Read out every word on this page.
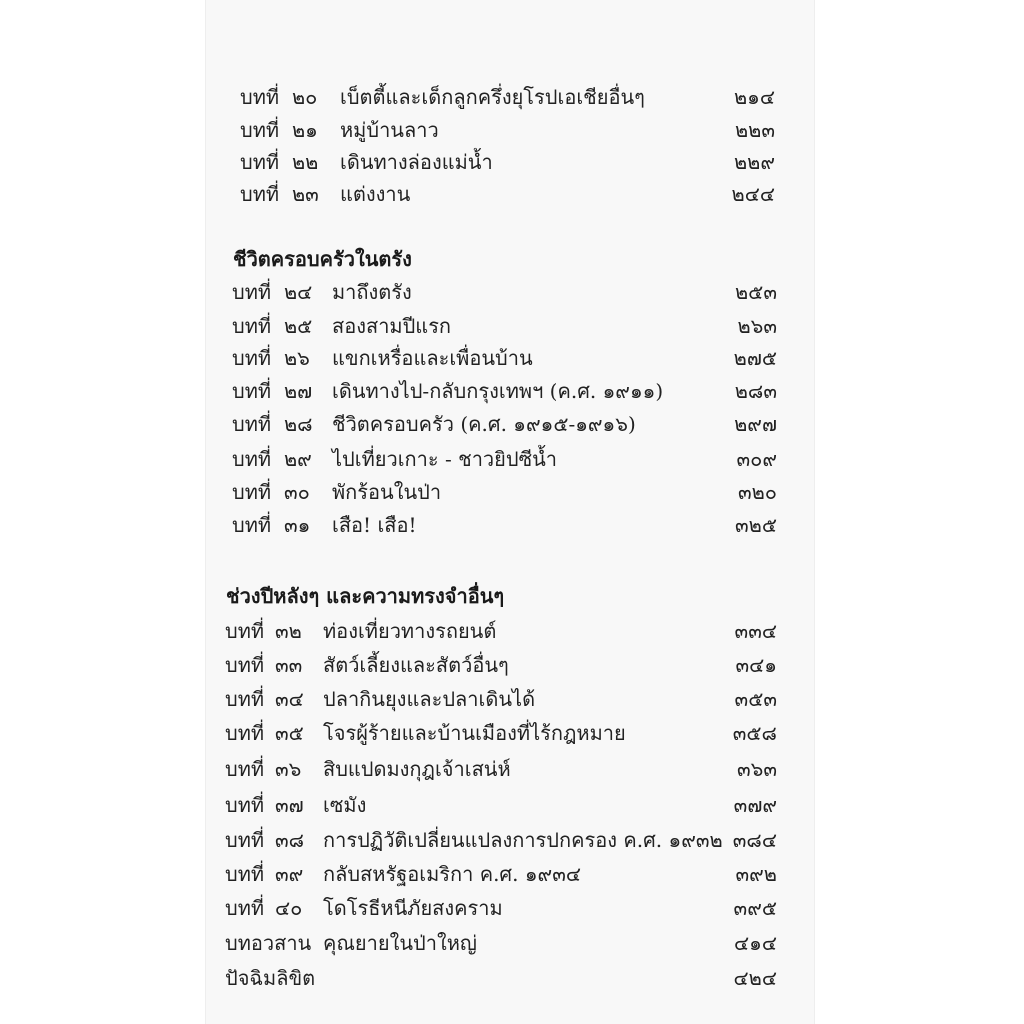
บทที่ ๒๐ เบ็ตตี้และเด็กลูกครึ่งยุโรปเอเชียอื่นๆ	๒๑๔
บทที่ ๒๑ หมู่บ้านลาว	๒๒๓
บทที่ ๒๒ เดินทางล่องแม่น้ำ	๒๒๙
บทที่ ๒๓ แต่งงาน	๒๔๔
ชีวิตครอบครัวในตรัง
บทที่ ๒๔ มาถึงตรัง	๒๕๓
บทที่ ๒๕ สองสามปีแรก	๒๖๓
บทที่ ๒๖ แขกเหรื่อและเพื่อนบ้าน	๒๗๕
บทที่ ๒๗ เดินทางไป-กลับกรุงเทพฯ (ค.ศ. ๑๙๑๑)	๒๘๓
บทที่ ๒๘ ชีวิตครอบครัว (ค.ศ. ๑๙๑๕-๑๙๑๖)	๒๙๗
บทที่ ๒๙ ไปเที่ยวเกาะ - ชาวยิปซีน้ำ	๓๐๙
บทที่ ๓๐ พักร้อนในป่า	๓๒๐
บทที่ ๓๑ เสือ! เสือ!	๓๒๕
ช่วงปีหลังๆ และความทรงจำอื่นๆ
บทที่ ๓๒ ท่องเที่ยวทางรถยนต์	๓๓๔
บทที่ ๓๓ สัตว์เลี้ยงและสัตว์อื่นๆ	๓๔๑
บทที่ ๓๔ ปลากินยุงและปลาเดินได้	๓๕๓
บทที่ ๓๕ โจรผู้ร้ายและบ้านเมืองที่ไร้กฎหมาย	๓๕๘
บทที่ ๓๖ สิบแปดมงกุฎเจ้าเสน่ห์	๓๖๓
บทที่ ๓๗ เซมัง	๓๗๙
บทที่ ๓๘ การปฏิวัติเปลี่ยนแปลงการปกครอง ค.ศ. ๑๙๓๒ ๓๘๔
บทที่ ๓๙ กลับสหรัฐอเมริกา ค.ศ. ๑๙๓๔	๓๙๒
บทที่ ๔๐ โดโรธีหนีภัยสงคราม	๓๙๕
บทอวสาน คุณยายในป่าใหญ่	๔๑๔
ปัจฉิมลิขิต	๔๒๔
